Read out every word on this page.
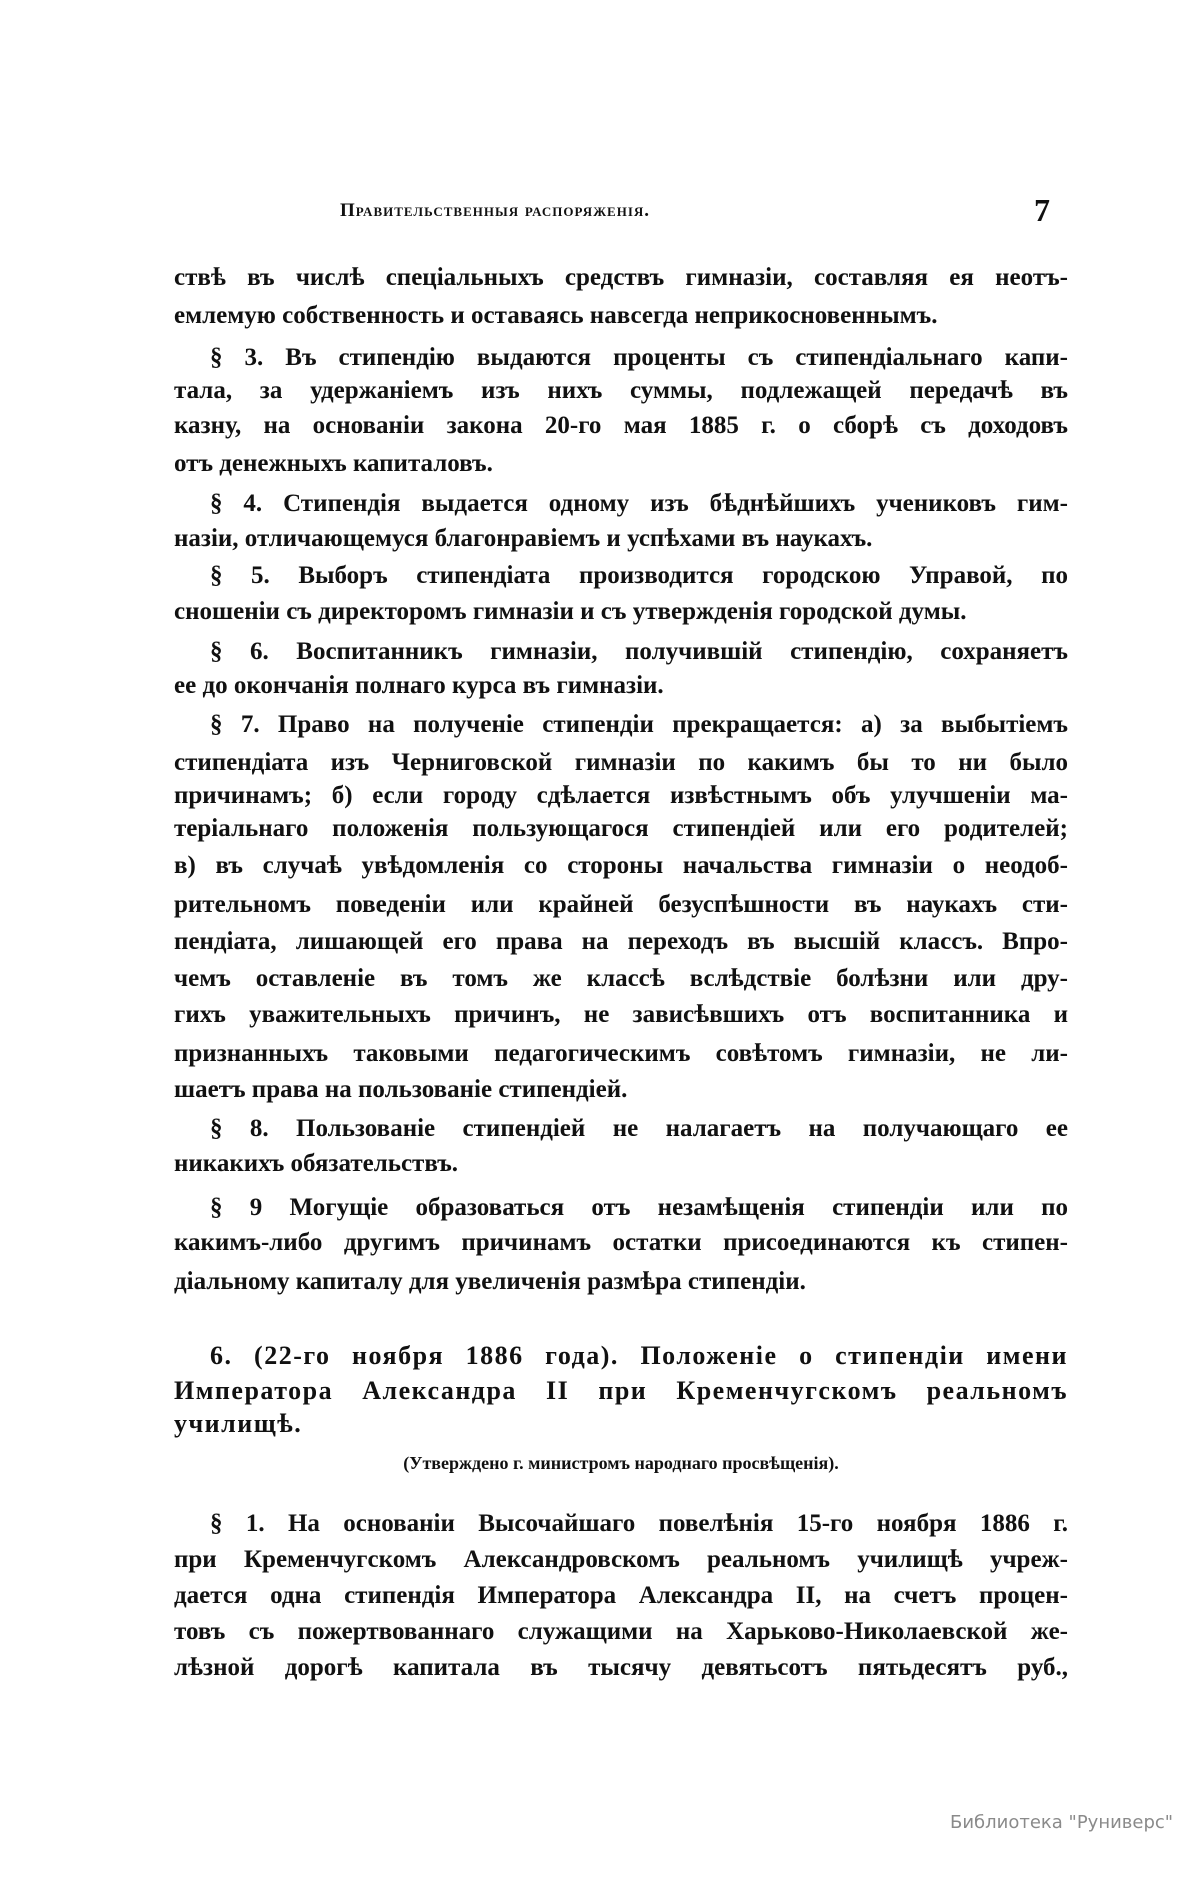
Правительственныя распоряженія.	7
ствѣ въ числѣ спеціальныхъ средствъ гимназіи, составляя ея неотъ-
емлемую собственность и оставаясь навсегда неприкосновеннымъ.
§ 3. Въ стипендію выдаются проценты съ стипендіальнаго капи-
тала, за удержаніемъ изъ нихъ суммы, подлежащей передачѣ въ
казну, на основаніи закона 20-го мая 1885 г. о сборѣ съ доходовъ
отъ денежныхъ капиталовъ.
§ 4. Стипендія выдается одному изъ бѣднѣйшихъ учениковъ гим-
назіи, отличающемуся благонравіемъ и успѣхами въ наукахъ.
§ 5. Выборъ стипендіата производится городскою Управой, по
сношеніи съ директоромъ гимназіи и съ утвержденія городской думы.
§ 6. Воспитанникъ гимназіи, получившій стипендію, сохраняетъ
ее до окончанія полнаго курса въ гимназіи.
§ 7. Право на полученіе стипендіи прекращается: а) за выбытіемъ
стипендіата изъ Черниговской гимназіи по какимъ бы то ни было
причинамъ; б) если городу сдѣлается извѣстнымъ объ улучшеніи ма-
теріальнаго положенія пользующагося стипендіей или его родителей;
в) въ случаѣ увѣдомленія со стороны начальства гимназіи о неодоб-
рительномъ поведеніи или крайней безуспѣшности въ наукахъ сти-
пендіата, лишающей его права на переходъ въ высшій классъ. Впро-
чемъ оставленіе въ томъ же классѣ вслѣдствіе болѣзни или дру-
гихъ уважительныхъ причинъ, не зависѣвшихъ отъ воспитанника и
признанныхъ таковыми педагогическимъ совѣтомъ гимназіи, не ли-
шаетъ права на пользованіе стипендіей.
§ 8. Пользованіе стипендіей не налагаетъ на получающаго ее
никакихъ обязательствъ.
§ 9 Могущіе образоваться отъ незамѣщенія стипендіи или по
какимъ-либо другимъ причинамъ остатки присоединаются къ стипен-
діальному капиталу для увеличенія размѣра стипендіи.
6. (22-го ноября 1886 года). Положеніе о стипендіи имени
Императора Александра II при Кременчугскомъ реальномъ
училищѣ.
§ 1. На основаніи Высочайшаго повелѣнія 15-го ноября 1886 г.
при Кременчугскомъ Александровскомъ реальномъ училищѣ учреж-
дается одна стипендія Императора Александра II, на счетъ процен-
товъ съ пожертвованнаго служащими на Харьково-Николаевской же-
лѣзной дорогѣ капитала въ тысячу девятьсотъ пятьдесятъ руб.,
(Утверждено г. министромъ народнаго просвѣщенія).
Библиотека "Руниверс"
